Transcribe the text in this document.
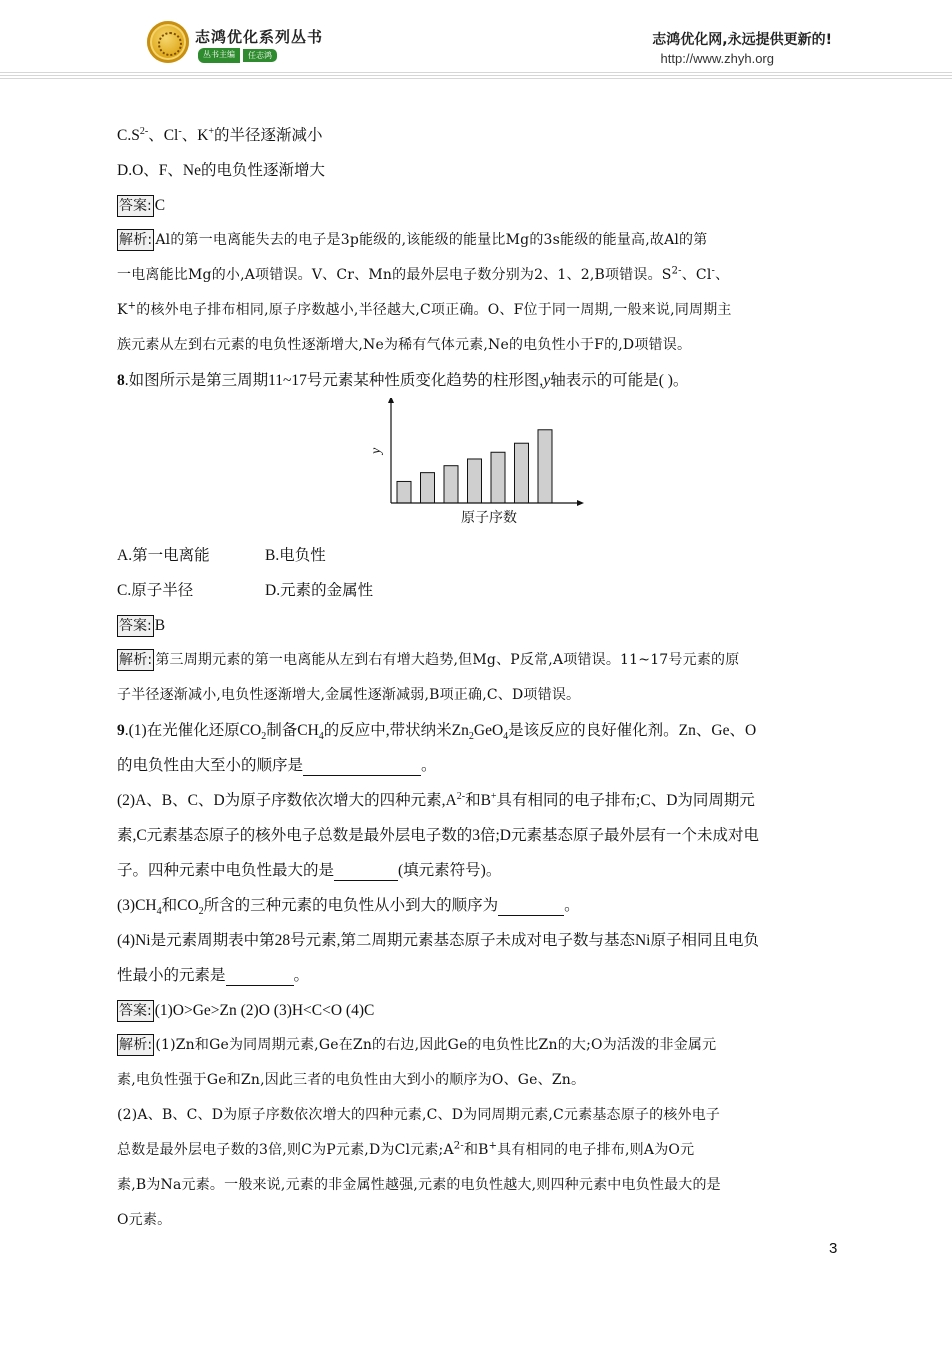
志鸿优化系列丛书
丛书主编	任志鸿
志鸿优化网,永远提供更新的!
http://www.zhyh.org
$C.S^{2-}$、Cl-、K+的半径逐渐减小
D.O、F、Ne的电负性逐渐增大
答案: C
解析: Al的第一电离能失去的电子是3p能级的,该能级的能量比Mg的3s能级的能量高,故Al的第
一电离能比Mg的小,A项错误。V、Cr、Mn的最外层电子数分别为2、1、2,B项错误。$S^{2-}$、Cl-、
K+的核外电子排布相同,原子序数越小,半径越大,C项正确。O、F位于同一周期,一般来说,同周期主
族元素从左到右元素的电负性逐渐增大,Ne为稀有气体元素,Ne的电负性小于F的,D项错误。
8.如图所示是第三周期11~17号元素某种性质变化趋势的柱形图,y轴表示的可能是( )。
y
原子序数
A.第一电离能	B.电负性
C.原子半径	D.元素的金属性
答案: B
解析: 第三周期元素的第一电离能从左到右有增大趋势,但Mg、P反常,A项错误。11~17号元素的原
子半径逐渐减小,电负性逐渐增大,金属性逐渐减弱,B项正确,C、D项错误。
9.(1)在光催化还原$CO_2$制备$CH_4$的反应中,带状纳米$Zn_2GeO_4$是该反应的良好催化剂。Zn、Ge、O
的电负性由大至小的顺序是	。
(2)A、B、C、D为原子序数依次增大的四种元素$,A^{2-}$和B+具有相同的电子排布;C、D为同周期元
素,C元素基态原子的核外电子总数是最外层电子数的3倍;D元素基态原子最外层有一个未成对电
子。四种元素中电负性最大的是	(填元素符号)。
$(3)CH_4$和$CO_2$所含的三种元素的电负性从小到大的顺序为	。
(4)Ni是元素周期表中第28号元素,第二周期元素基态原子未成对电子数与基态Ni原子相同且电负
性最小的元素是	。
答案: (1)O>Ge>Zn (2)O (3)H<C<O (4)C
解析: (1)Zn和Ge为同周期元素,Ge在Zn的右边,因此Ge的电负性比Zn的大;O为活泼的非金属元
素,电负性强于Ge和Zn,因此三者的电负性由大到小的顺序为O、Ge、Zn。
(2)A、B、C、D为原子序数依次增大的四种元素,C、D为同周期元素,C元素基态原子的核外电子
总数是最外层电子数的3倍,则C为P元素,D为Cl元素$;A^{2-}$和B+具有相同的电子排布,则A为O元
素,B为Na元素。一般来说,元素的非金属性越强,元素的电负性越大,则四种元素中电负性最大的是
O元素。
3
